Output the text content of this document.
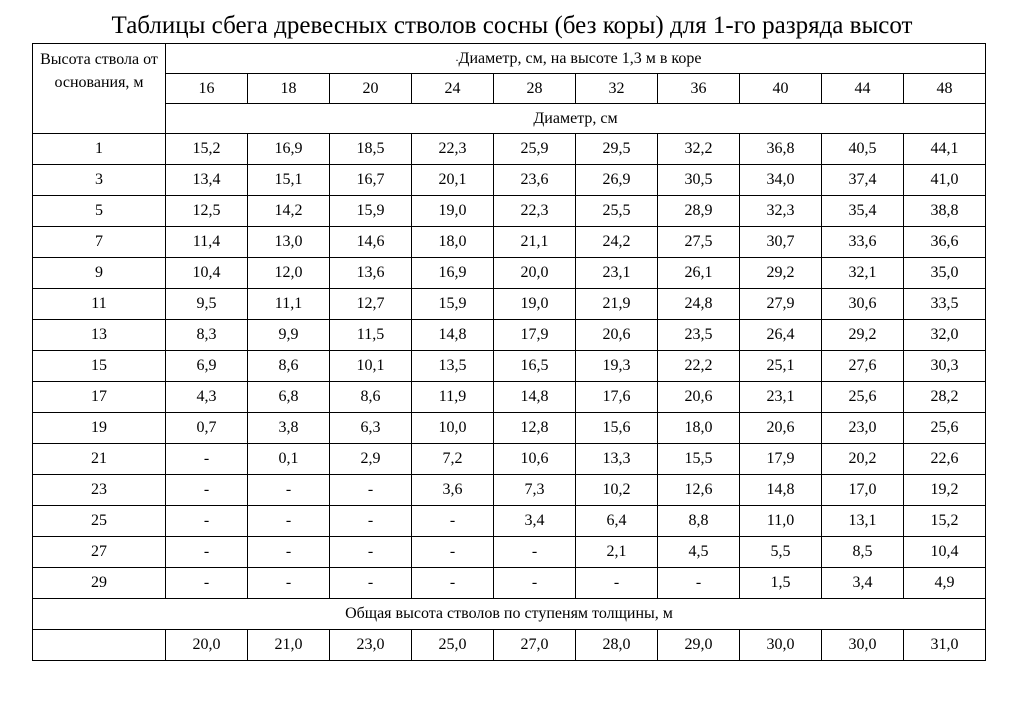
Таблицы сбега древесных стволов сосны (без коры) для 1-го разряда высот
Высота ствола от основания, м	.Диаметр, см, на высоте 1,3 м в коре									
	16	18	20	24	28	32	36	40	44	48
	Диаметр, см									
1	15,2	16,9	18,5	22,3	25,9	29,5	32,2	36,8	40,5	44,1
3	13,4	15,1	16,7	20,1	23,6	26,9	30,5	34,0	37,4	41,0
5	12,5	14,2	15,9	19,0	22,3	25,5	28,9	32,3	35,4	38,8
7	11,4	13,0	14,6	18,0	21,1	24,2	27,5	30,7	33,6	36,6
9	10,4	12,0	13,6	16,9	20,0	23,1	26,1	29,2	32,1	35,0
11	9,5	11,1	12,7	15,9	19,0	21,9	24,8	27,9	30,6	33,5
13	8,3	9,9	11,5	14,8	17,9	20,6	23,5	26,4	29,2	32,0
15	6,9	8,6	10,1	13,5	16,5	19,3	22,2	25,1	27,6	30,3
17	4,3	6,8	8,6	11,9	14,8	17,6	20,6	23,1	25,6	28,2
19	0,7	3,8	6,3	10,0	12,8	15,6	18,0	20,6	23,0	25,6
21	-	0,1	2,9	7,2	10,6	13,3	15,5	17,9	20,2	22,6
23	-	-	-	3,6	7,3	10,2	12,6	14,8	17,0	19,2
25	-	-	-	-	3,4	6,4	8,8	11,0	13,1	15,2
27	-	-	-	-	-	2,1	4,5	5,5	8,5	10,4
29	-	-	-	-	-	-	-	1,5	3,4	4,9
Общая высота стволов по ступеням толщины, м										
	20,0	21,0	23,0	25,0	27,0	28,0	29,0	30,0	30,0	31,0
